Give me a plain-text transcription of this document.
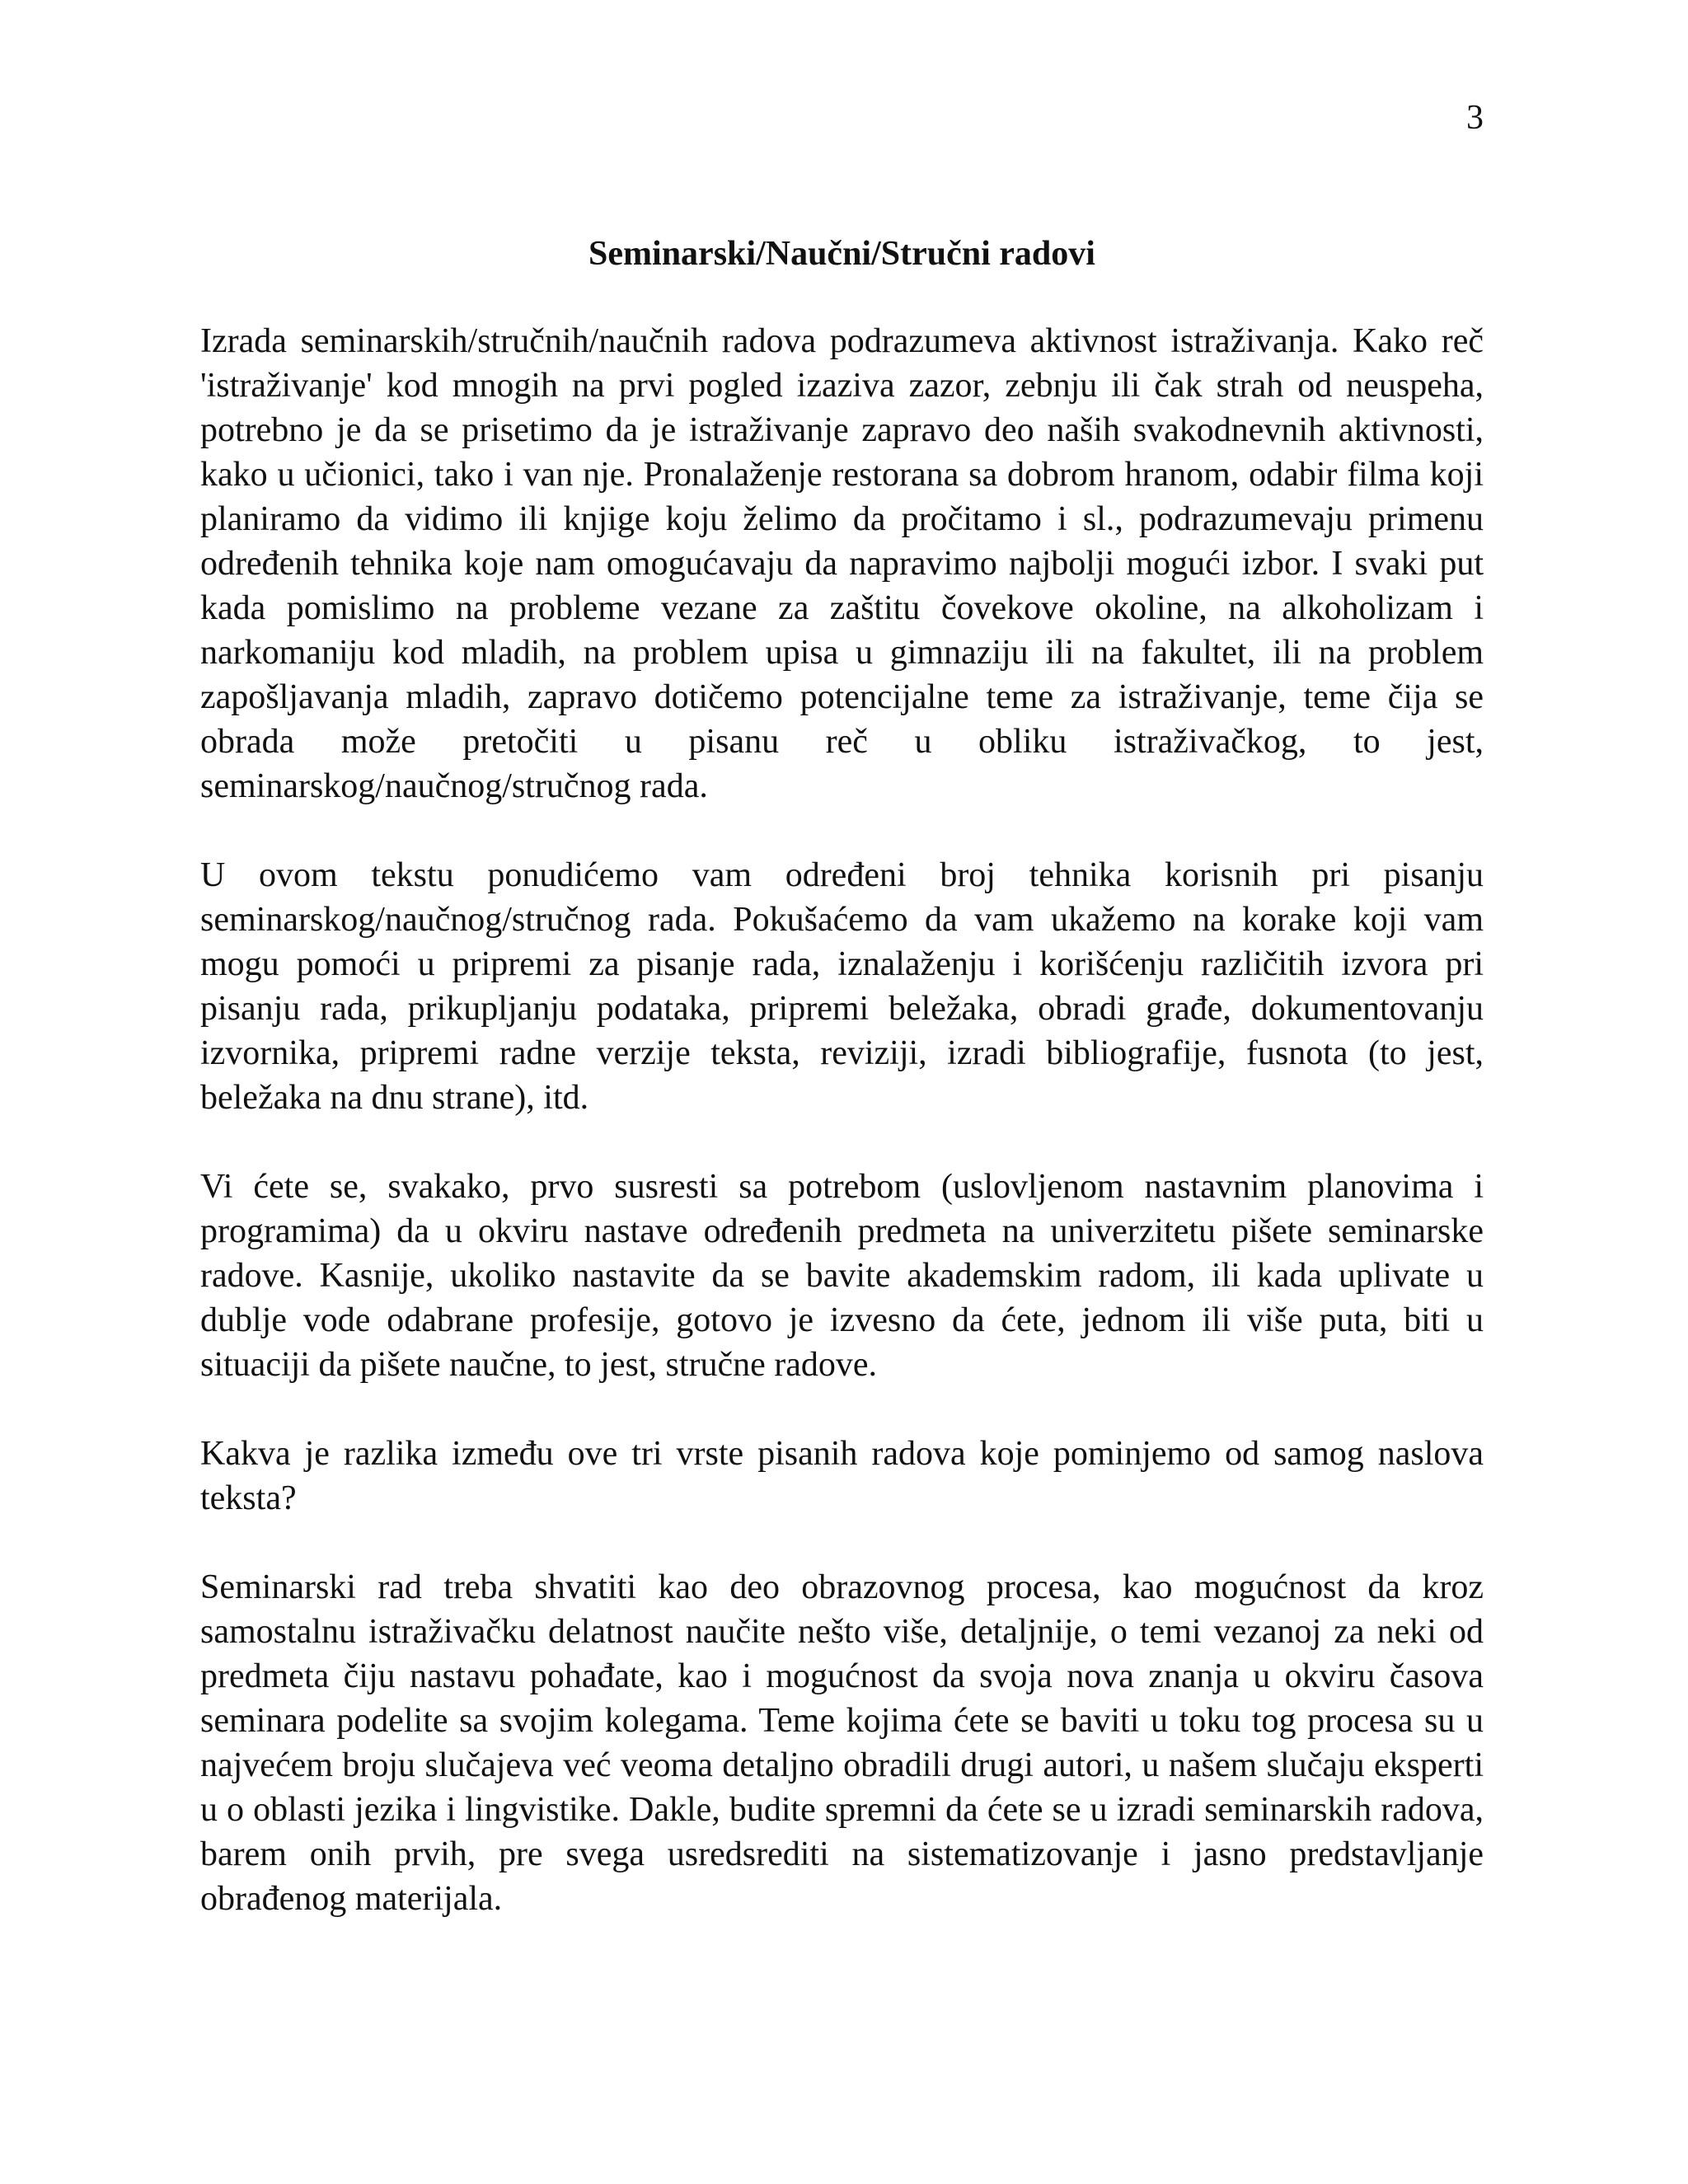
3
Seminarski/Naučni/Stručni radovi

Izrada seminarskih/stručnih/naučnih radova podrazumeva aktivnost istraživanja. Kako reč 'istraživanje' kod mnogih na prvi pogled izaziva zazor, zebnju ili čak strah od neuspeha, potrebno je da se prisetimo da je istraživanje zapravo deo naših svakodnevnih aktivnosti, kako u učionici, tako i van nje. Pronalaženje restorana sa dobrom hranom, odabir filma koji planiramo da vidimo ili knjige koju želimo da pročitamo i sl., podrazumevaju primenu određenih tehnika koje nam omogućavaju da napravimo najbolji mogući izbor. I svaki put kada pomislimo na probleme vezane za zaštitu čovekove okoline, na alkoholizam i narkomaniju kod mladih, na problem upisa u gimnaziju ili na fakultet, ili na problem zapošljavanja mladih, zapravo dotičemo potencijalne teme za istraživanje, teme čija se obrada može pretočiti u pisanu reč u obliku istraživačkog, to jest, seminarskog/naučnog/stručnog rada.

U ovom tekstu ponudićemo vam određeni broj tehnika korisnih pri pisanju seminarskog/naučnog/stručnog rada. Pokušaćemo da vam ukažemo na korake koji vam mogu pomoći u pripremi za pisanje rada, iznalaženju i korišćenju različitih izvora pri pisanju rada, prikupljanju podataka, pripremi beležaka, obradi građe, dokumentovanju izvornika, pripremi radne verzije teksta, reviziji, izradi bibliografije, fusnota (to jest, beležaka na dnu strane), itd.

Vi ćete se, svakako, prvo susresti sa potrebom (uslovljenom nastavnim planovima i programima) da u okviru nastave određenih predmeta na univerzitetu pišete seminarske radove. Kasnije, ukoliko nastavite da se bavite akademskim radom, ili kada uplivate u dublje vode odabrane profesije, gotovo je izvesno da ćete, jednom ili više puta, biti u situaciji da pišete naučne, to jest, stručne radove.

Kakva je razlika između ove tri vrste pisanih radova koje pominjemo od samog naslova teksta?

Seminarski rad treba shvatiti kao deo obrazovnog procesa, kao mogućnost da kroz samostalnu istraživačku delatnost naučite nešto više, detaljnije, o temi vezanoj za neki od predmeta čiju nastavu pohađate, kao i mogućnost da svoja nova znanja u okviru časova seminara podelite sa svojim kolegama. Teme kojima ćete se baviti u toku tog procesa su u najvećem broju slučajeva već veoma detaljno obradili drugi autori, u našem slučaju eksperti u o oblasti jezika i lingvistike. Dakle, budite spremni da ćete se u izradi seminarskih radova, barem onih prvih, pre svega usredsrediti na sistematizovanje i jasno predstavljanje obrađenog materijala.
